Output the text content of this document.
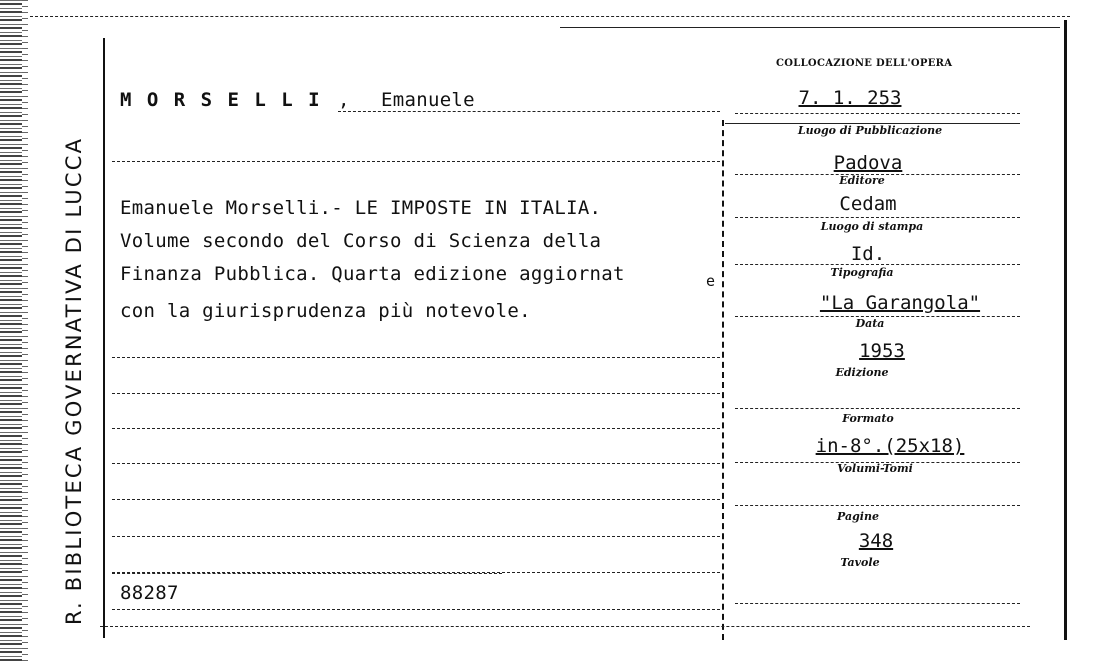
R. BIBLIOTECA GOVERNATIVA DI LUCCA
M O R S E L L I , Emanuele
Emanuele Morselli.- LE IMPOSTE IN ITALIA.
Volume secondo del Corso di Scienza della
Finanza Pubblica. Quarta edizione aggiornat	e
con la giurisprudenza più notevole.
88287
COLLOCAZIONE DELL'OPERA
7. 1. 253
Luogo di Pubblicazione
Padova
Editore
Cedam
Luogo di stampa
Id.
Tipografia
"La Garangola"
Data
1953
Edizione
Formato
in-8°.(25x18)
Volumi-Tomi
Pagine
348
Tavole
